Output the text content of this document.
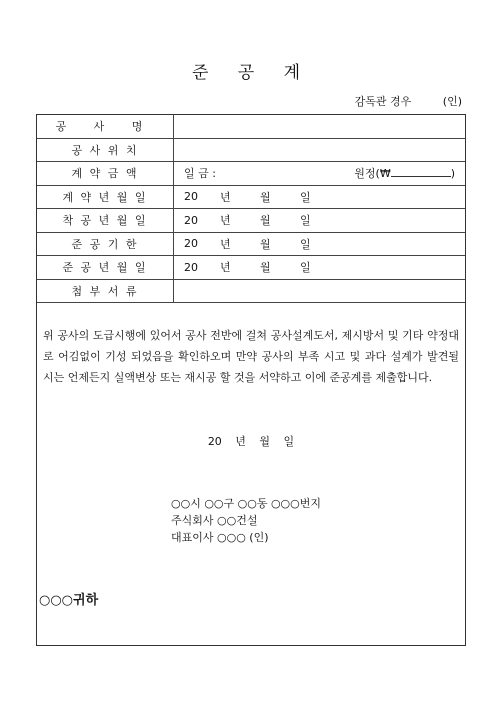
준 공 계
감독관 경우	(인)
공 사 명	
공 사 위 치	
계 약 금 액	일 금 : 원정(₩ )

계 약 년 월 일	20 년 월 일

착 공 년 월 일	20 년 월 일

준 공 기 한	20 년 월 일

준 공 년 월 일	20 년 월 일

첨 부 서 류	
위 공사의 도급시행에 있어서 공사 전반에 걸쳐 공사설계도서, 제시방서 및 기타 약정대로 어김없이 기성 되었음을 확인하오며 만약 공사의 부족 시고 및 과다 설계가 발견될 시는 언제든지 실액변상 또는 재시공 할 것을 서약하고 이에 준공계를 제출합니다.
20 년 월 일
○○시 ○○구 ○○동 ○○○번지
주식회사 ○○건설
대표이사 ○○○ (인)
○○○귀하
